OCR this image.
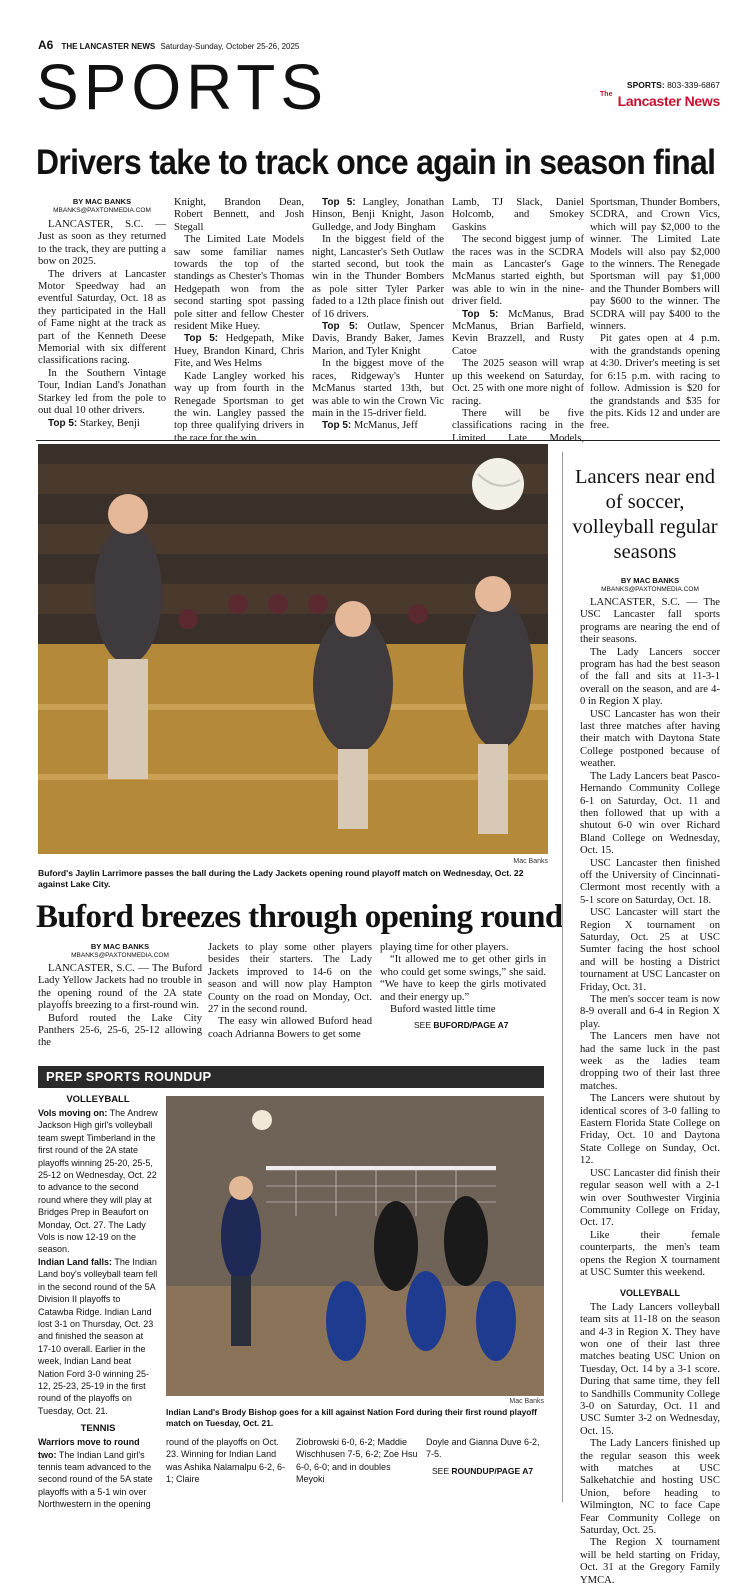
A6 THE LANCASTER NEWS Saturday-Sunday, October 25-26, 2025
SPORTS	SPORTS: 803-339-6867
$^{The}$ Lancaster News
Drivers take to track once again in season final
BY MAC BANKS
MBANKS@PAXTONMEDIA.COM

LANCASTER, S.C. — Just as soon as they returned to the track, they are putting a bow on 2025.

The drivers at Lancaster Motor Speedway had an eventful Saturday, Oct. 18 as they participated in the Hall of Fame night at the track as part of the Kenneth Deese Memorial with six different classifications racing.

In the Southern Vintage Tour, Indian Land's Jonathan Starkey led from the pole to out dual 10 other drivers.

Top 5: Starkey, Benji

Knight, Brandon Dean, Robert Bennett, and Josh Stegall

The Limited Late Models saw some familiar names towards the top of the standings as Chester's Thomas Hedgepath won from the second starting spot passing pole sitter and fellow Chester resident Mike Huey.

Top 5: Hedgepath, Mike Huey, Brandon Kinard, Chris Fite, and Wes Helms

Kade Langley worked his way up from fourth in the Renegade Sportsman to get the win. Langley passed the top three qualifying drivers in the race for the win.

Top 5: Langley, Jonathan Hinson, Benji Knight, Jason Gulledge, and Jody Bingham

In the biggest field of the night, Lancaster's Seth Outlaw started second, but took the win in the Thunder Bombers as pole sitter Tyler Parker faded to a 12th place finish out of 16 drivers.

Top 5: Outlaw, Spencer Davis, Brandy Baker, James Marion, and Tyler Knight

In the biggest move of the races, Ridgeway's Hunter McManus started 13th, but was able to win the Crown Vic main in the 15-driver field.

Top 5: McManus, Jeff

Lamb, TJ Slack, Daniel Holcomb, and Smokey Gaskins

The second biggest jump of the races was in the SCDRA main as Lancaster's Gage McManus started eighth, but was able to win in the nine-driver field.

Top 5: McManus, Brad McManus, Brian Barfield, Kevin Brazzell, and Rusty Catoe

The 2025 season will wrap up this weekend on Saturday, Oct. 25 with one more night of racing.

There will be five classifications racing in the Limited Late Models,

Sportsman, Thunder Bombers, SCDRA, and Crown Vics, which will pay $2,000 to the winner. The Limited Late Models will also pay $2,000 to the winners. The Renegade Sportsman will pay $1,000 and the Thunder Bombers will pay $600 to the winner. The SCDRA will pay $400 to the winners.

Pit gates open at 4 p.m. with the grandstands opening at 4:30. Driver's meeting is set for 6:15 p.m. with racing to follow. Admission is $20 for the grandstands and $35 for the pits. Kids 12 and under are free.

Mac Banks
Buford's Jaylin Larrimore passes the ball during the Lady Jackets opening round playoff match on Wednesday, Oct. 22 against Lake City.
Buford breezes through opening round
BY MAC BANKS
MBANKS@PAXTONMEDIA.COM

LANCASTER, S.C. — The Buford Lady Yellow Jackets had no trouble in the opening round of the 2A state playoffs breezing to a first-round win.

Buford routed the Lake City Panthers 25-6, 25-6, 25-12 allowing the

Jackets to play some other players besides their starters. The Lady Jackets improved to 14-6 on the season and will now play Hampton County on the road on Monday, Oct. 27 in the second round.

The easy win allowed Buford head coach Adrianna Bowers to get some

playing time for other players.

“It allowed me to get other girls in who could get some swings,” she said. “We have to keep the girls motivated and their energy up.”

Buford wasted little time

SEE BUFORD/PAGE A7
Lancers near end of soccer, volleyball regular seasons
BY MAC BANKS
MBANKS@PAXTONMEDIA.COM

LANCASTER, S.C. — The USC Lancaster fall sports programs are nearing the end of their seasons.

The Lady Lancers soccer program has had the best season of the fall and sits at 11-3-1 overall on the season, and are 4-0 in Region X play.

USC Lancaster has won their last three matches after having their match with Daytona State College postponed because of weather.

The Lady Lancers beat Pasco-Hernando Community College 6-1 on Saturday, Oct. 11 and then followed that up with a shutout 6-0 win over Richard Bland College on Wednesday, Oct. 15.

USC Lancaster then finished off the University of Cincinnati-Clermont most recently with a 5-1 score on Saturday, Oct. 18.

USC Lancaster will start the Region X tournament on Saturday, Oct. 25 at USC Sumter facing the host school and will be hosting a District tournament at USC Lancaster on Friday, Oct. 31.

The men's soccer team is now 8-9 overall and 6-4 in Region X play.

The Lancers men have not had the same luck in the past week as the ladies team dropping two of their last three matches.

The Lancers were shutout by identical scores of 3-0 falling to Eastern Florida State College on Friday, Oct. 10 and Daytona State College on Sunday, Oct. 12.

USC Lancaster did finish their regular season well with a 2-1 win over Southwester Virginia Community College on Friday, Oct. 17.

Like their female counterparts, the men's team opens the Region X tournament at USC Sumter this weekend.

VOLLEYBALL

The Lady Lancers volleyball team sits at 11-18 on the season and 4-3 in Region X. They have won one of their last three matches beating USC Union on Tuesday, Oct. 14 by a 3-1 score. During that same time, they fell to Sandhills Community College 3-0 on Saturday, Oct. 11 and USC Sumter 3-2 on Wednesday, Oct. 15.

The Lady Lancers finished up the regular season this week with matches at USC Salkehatchie and hosting USC Union, before heading to Wilmington, NC to face Cape Fear Community College on Saturday, Oct. 25.

The Region X tournament will be held starting on Friday, Oct. 31 at the Gregory Family YMCA.

PREP SPORTS ROUNDUP
VOLLEYBALL

Vols moving on: The Andrew Jackson High girl's volleyball team swept Timberland in the first round of the 2A state playoffs winning 25-20, 25-5, 25-12 on Wednesday, Oct. 22 to advance to the second round where they will play at Bridges Prep in Beaufort on Monday, Oct. 27. The Lady Vols is now 12-19 on the season.

Indian Land falls: The Indian Land boy's volleyball team fell in the second round of the 5A Division II playoffs to Catawba Ridge. Indian Land lost 3-1 on Thursday, Oct. 23 and finished the season at 17-10 overall. Earlier in the week, Indian Land beat Nation Ford 3-0 winning 25-12, 25-23, 25-19 in the first round of the playoffs on Tuesday, Oct. 21.

TENNIS

Warriors move to round two: The Indian Land girl's tennis team advanced to the second round of the 5A state playoffs with a 5-1 win over Northwestern in the opening

Mac Banks
Indian Land's Brody Bishop goes for a kill against Nation Ford during their first round playoff match on Tuesday, Oct. 21.

round of the playoffs on Oct. 23. Winning for Indian Land was Ashika Nalamalpu 6-2, 6-1; Claire

Ziobrowski 6-0, 6-2; Maddie Wischhusen 7-5, 6-2; Zoe Hsu 6-0, 6-0; and in doubles Meyoki

Doyle and Gianna Duve 6-2, 7-5.

SEE ROUNDUP/PAGE A7
